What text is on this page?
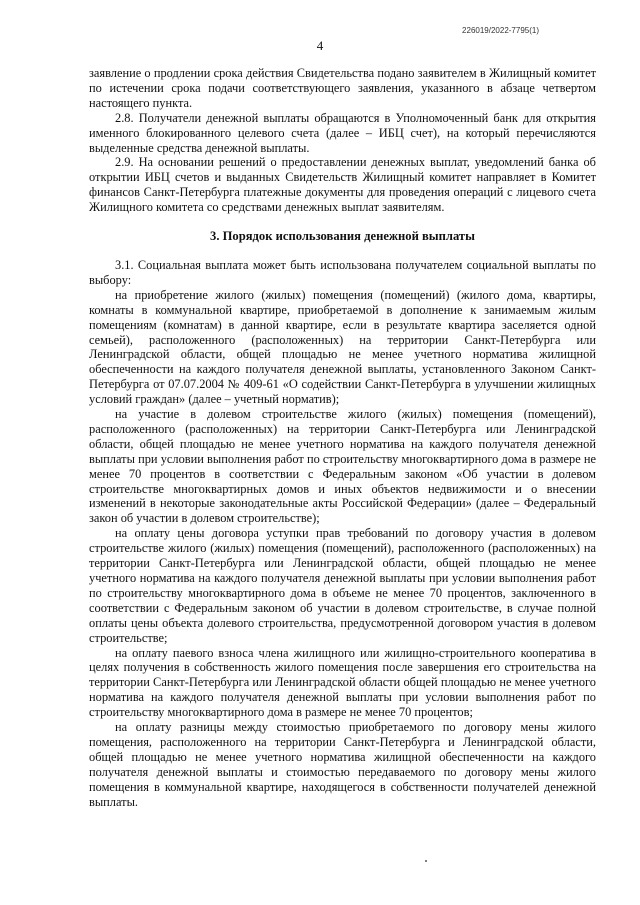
226019/2022-7795(1)
4

заявление о продлении срока действия Свидетельства подано заявителем в Жилищный комитет по истечении срока подачи соответствующего заявления, указанного в абзаце четвертом настоящего пункта.

2.8. Получатели денежной выплаты обращаются в Уполномоченный банк для открытия именного блокированного целевого счета (далее – ИБЦ счет), на который перечисляются выделенные средства денежной выплаты.

2.9. На основании решений о предоставлении денежных выплат, уведомлений банка об открытии ИБЦ счетов и выданных Свидетельств Жилищный комитет направляет в Комитет финансов Санкт-Петербурга платежные документы для проведения операций с лицевого счета Жилищного комитета со средствами денежных выплат заявителям.

3. Порядок использования денежной выплаты

3.1. Социальная выплата может быть использована получателем социальной выплаты по выбору:

на приобретение жилого (жилых) помещения (помещений) (жилого дома, квартиры, комнаты в коммунальной квартире, приобретаемой в дополнение к занимаемым жилым помещениям (комнатам) в данной квартире, если в результате квартира заселяется одной семьей), расположенного (расположенных) на территории Санкт-Петербурга или Ленинградской области, общей площадью не менее учетного норматива жилищной обеспеченности на каждого получателя денежной выплаты, установленного Законом Санкт-Петербурга от 07.07.2004 № 409-61 «О содействии Санкт-Петербурга в улучшении жилищных условий граждан» (далее – учетный норматив);

на участие в долевом строительстве жилого (жилых) помещения (помещений), расположенного (расположенных) на территории Санкт-Петербурга или Ленинградской области, общей площадью не менее учетного норматива на каждого получателя денежной выплаты при условии выполнения работ по строительству многоквартирного дома в размере не менее 70 процентов в соответствии с Федеральным законом «Об участии в долевом строительстве многоквартирных домов и иных объектов недвижимости и о внесении изменений в некоторые законодательные акты Российской Федерации» (далее – Федеральный закон об участии в долевом строительстве);

на оплату цены договора уступки прав требований по договору участия в долевом строительстве жилого (жилых) помещения (помещений), расположенного (расположенных) на территории Санкт-Петербурга или Ленинградской области, общей площадью не менее учетного норматива на каждого получателя денежной выплаты при условии выполнения работ по строительству многоквартирного дома в объеме не менее 70 процентов, заключенного в соответствии с Федеральным законом об участии в долевом строительстве, в случае полной оплаты цены объекта долевого строительства, предусмотренной договором участия в долевом строительстве;

на оплату паевого взноса члена жилищного или жилищно-строительного кооператива в целях получения в собственность жилого помещения после завершения его строительства на территории Санкт-Петербурга или Ленинградской области общей площадью не менее учетного норматива на каждого получателя денежной выплаты при условии выполнения работ по строительству многоквартирного дома в размере не менее 70 процентов;

на оплату разницы между стоимостью приобретаемого по договору мены жилого помещения, расположенного на территории Санкт-Петербурга и Ленинградской области, общей площадью не менее учетного норматива жилищной обеспеченности на каждого получателя денежной выплаты и стоимостью передаваемого по договору мены жилого помещения в коммунальной квартире, находящегося в собственности получателей денежной выплаты.
